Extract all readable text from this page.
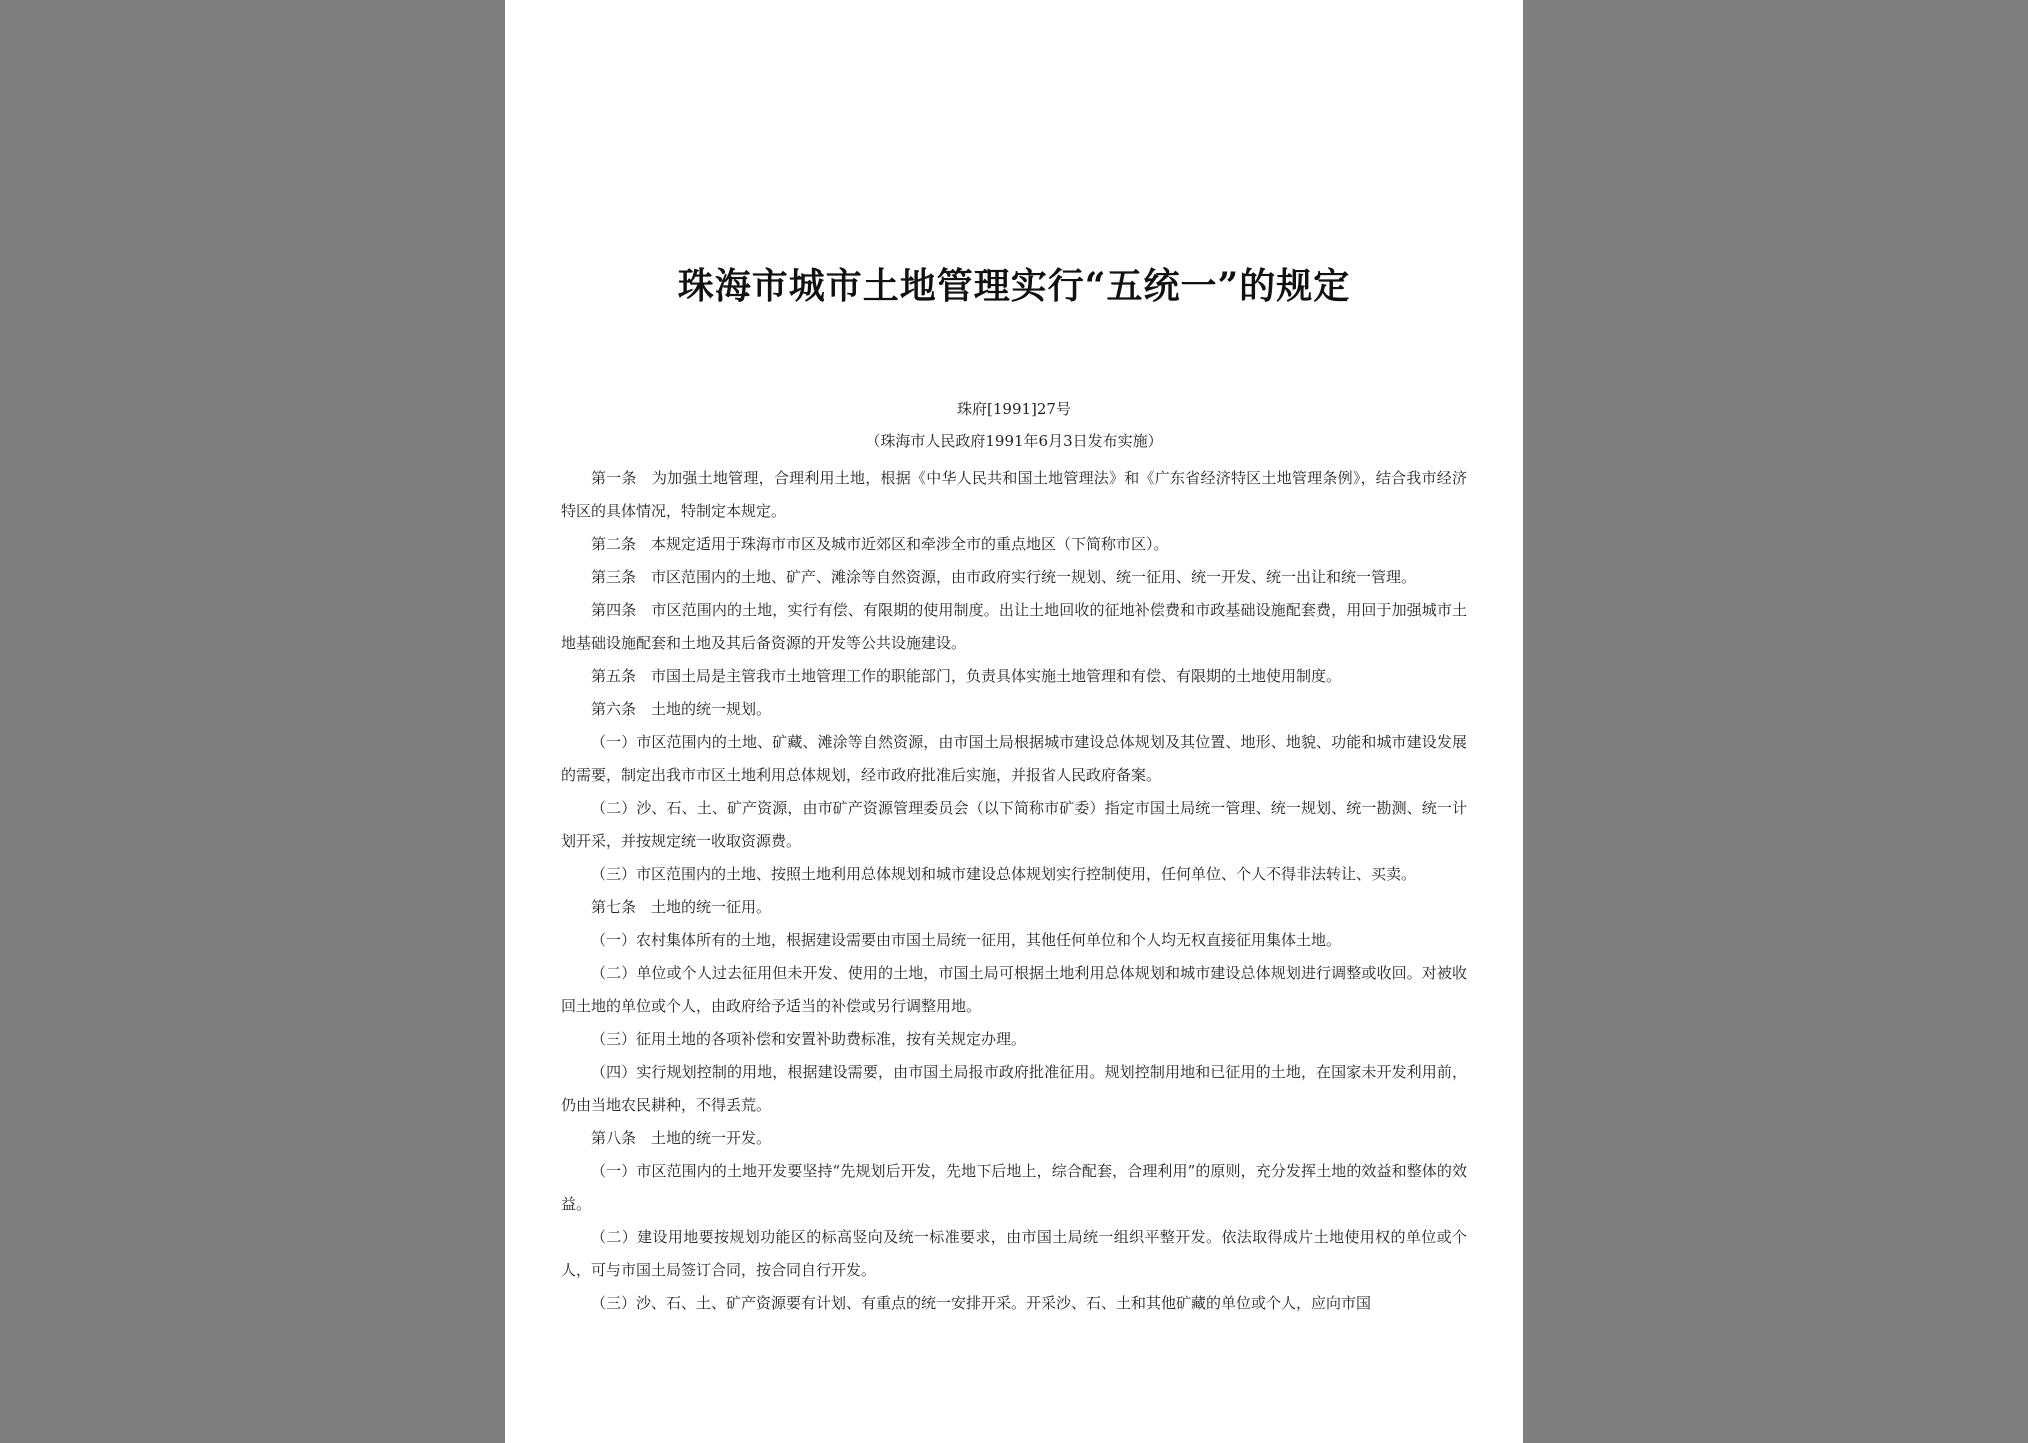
珠海市城市土地管理实行“五统一”的规定
珠府[1991]27号
（珠海市人民政府1991年6月3日发布实施）

第一条　为加强土地管理，合理利用土地，根据《中华人民共和国土地管理法》和《广东省经济特区土地管理条例》，结合我市经济特区的具体情况，特制定本规定。

第二条　本规定适用于珠海市市区及城市近郊区和牵涉全市的重点地区（下简称市区）。

第三条　市区范围内的土地、矿产、滩涂等自然资源，由市政府实行统一规划、统一征用、统一开发、统一出让和统一管理。

第四条　市区范围内的土地，实行有偿、有限期的使用制度。出让土地回收的征地补偿费和市政基础设施配套费，用回于加强城市土地基础设施配套和土地及其后备资源的开发等公共设施建设。

第五条　市国土局是主管我市土地管理工作的职能部门，负责具体实施土地管理和有偿、有限期的土地使用制度。

第六条　土地的统一规划。

（一）市区范围内的土地、矿藏、滩涂等自然资源，由市国土局根据城市建设总体规划及其位置、地形、地貌、功能和城市建设发展的需要，制定出我市市区土地利用总体规划，经市政府批准后实施，并报省人民政府备案。

（二）沙、石、土、矿产资源，由市矿产资源管理委员会（以下简称市矿委）指定市国土局统一管理、统一规划、统一勘测、统一计划开采，并按规定统一收取资源费。

（三）市区范围内的土地、按照土地利用总体规划和城市建设总体规划实行控制使用，任何单位、个人不得非法转让、买卖。

第七条　土地的统一征用。

（一）农村集体所有的土地，根据建设需要由市国土局统一征用，其他任何单位和个人均无权直接征用集体土地。

（二）单位或个人过去征用但未开发、使用的土地，市国土局可根据土地利用总体规划和城市建设总体规划进行调整或收回。对被收回土地的单位或个人，由政府给予适当的补偿或另行调整用地。

（三）征用土地的各项补偿和安置补助费标准，按有关规定办理。

（四）实行规划控制的用地，根据建设需要，由市国土局报市政府批准征用。规划控制用地和已征用的土地，在国家未开发利用前，仍由当地农民耕种，不得丢荒。

第八条　土地的统一开发。

（一）市区范围内的土地开发要坚持“先规划后开发，先地下后地上，综合配套，合理利用”的原则，充分发挥土地的效益和整体的效益。

（二）建设用地要按规划功能区的标高竖向及统一标准要求，由市国土局统一组织平整开发。依法取得成片土地使用权的单位或个人，可与市国土局签订合同，按合同自行开发。

（三）沙、石、土、矿产资源要有计划、有重点的统一安排开采。开采沙、石、土和其他矿藏的单位或个人，应向市国
